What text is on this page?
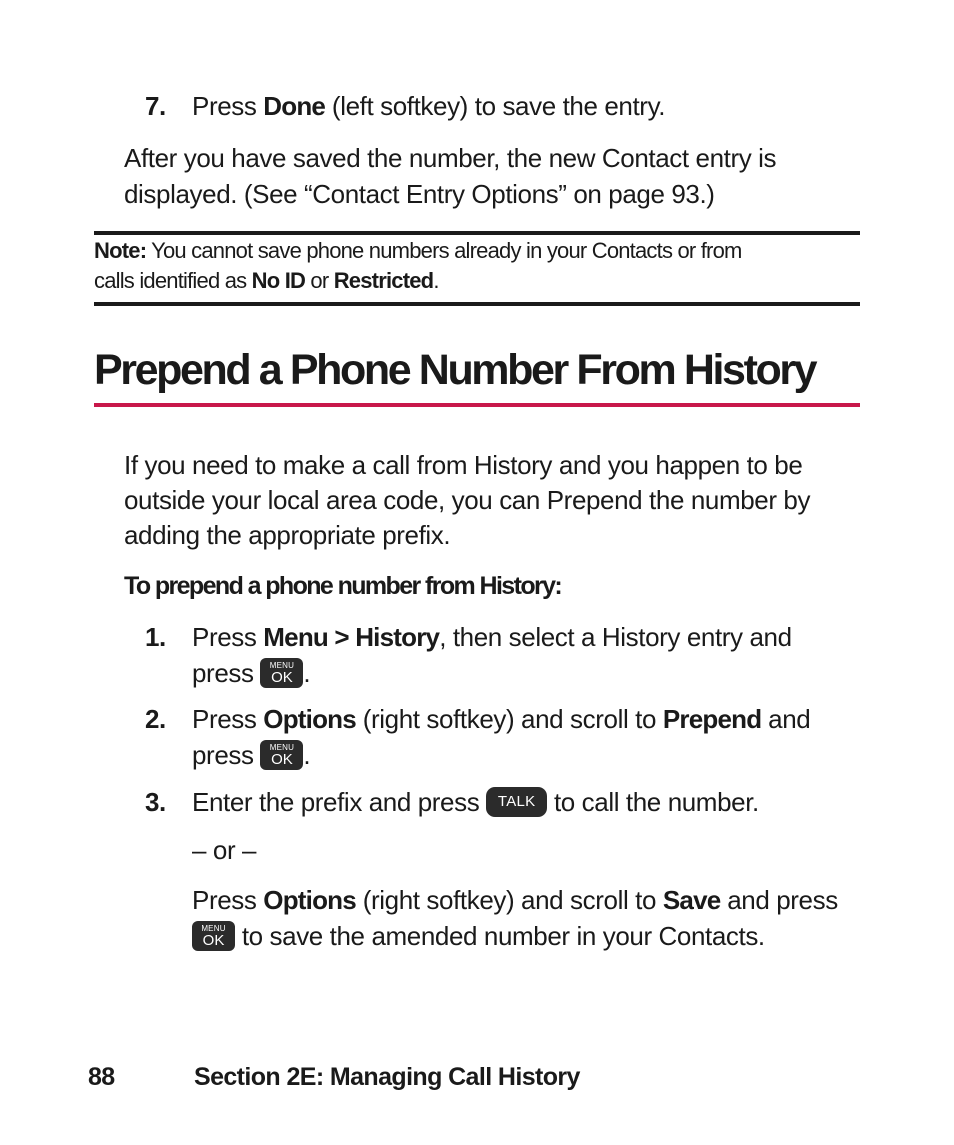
7. Press Done (left softkey) to save the entry.
After you have saved the number, the new Contact entry is
displayed. (See “Contact Entry Options” on page 93.)
Note: You cannot save phone numbers already in your Contacts or from
calls identified as No ID or Restricted.
Prepend a Phone Number From History
If you need to make a call from History and you happen to be
outside your local area code, you can Prepend the number by
adding the appropriate prefix.
To prepend a phone number from History:
1. Press Menu > History, then select a History entry and
press	MENU
OK .
2. Press Options (right softkey) and scroll to Prepend and
press	MENU
OK .
3. Enter the prefix and press TALK to call the number.
– or –
Press Options (right softkey) and scroll to Save and press
MENU
OK to save the amended number in your Contacts.
88	Section 2E: Managing Call History
